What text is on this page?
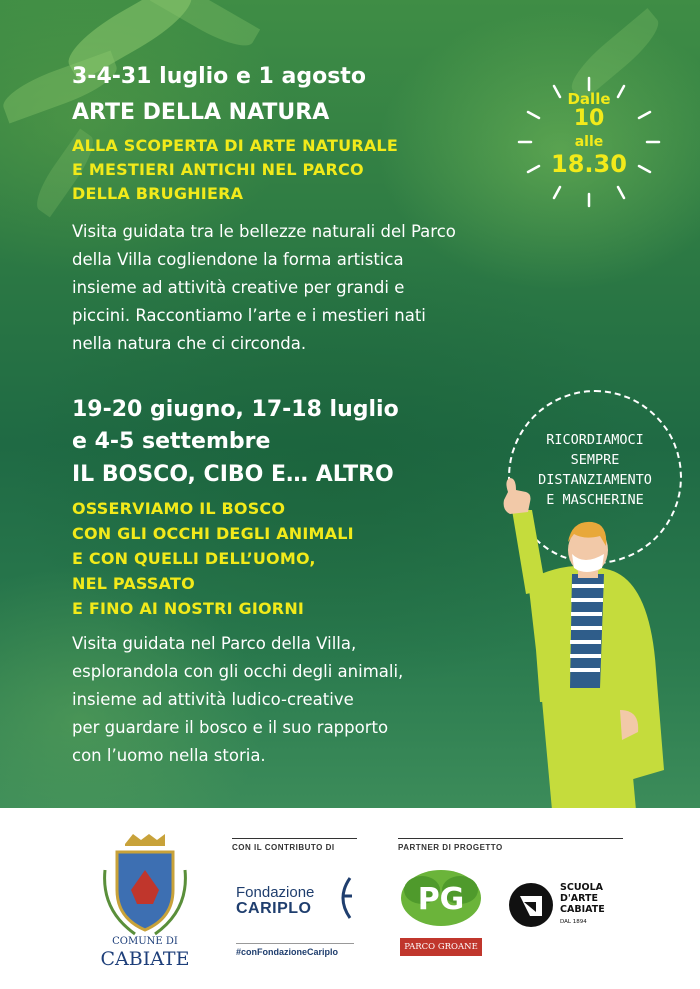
3-4-31 luglio e 1 agosto
ARTE DELLA NATURA
ALLA SCOPERTA DI ARTE NATURALE
E MESTIERI ANTICHI NEL PARCO
DELLA BRUGHIERA
Visita guidata tra le bellezze naturali del Parco
della Villa cogliendone la forma artistica
insieme ad attività creative per grandi e
piccini. Raccontiamo l’arte e i mestieri nati
nella natura che ci circonda.
Dalle
10
alle
18.30
19-20 giugno, 17-18 luglio
e 4-5 settembre
IL BOSCO, CIBO E… ALTRO
OSSERVIAMO IL BOSCO
CON GLI OCCHI DEGLI ANIMALI
E CON QUELLI DELL’UOMO,
NEL PASSATO
E FINO AI NOSTRI GIORNI
Visita guidata nel Parco della Villa,
esplorandola con gli occhi degli animali,
insieme ad attività ludico-creative
per guardare il bosco e il suo rapporto
con l’uomo nella storia.
RICORDIAMOCI
SEMPRE
DISTANZIAMENTO
E MASCHERINE
COMUNE DI
CABIATE
CON IL CONTRIBUTO DI
Fondazione
CARIPLO
#conFondazioneCariplo
PARTNER DI PROGETTO
PG
PARCO GROANE
SCUOLA
D'ARTE
CABIATE
DAL 1894
